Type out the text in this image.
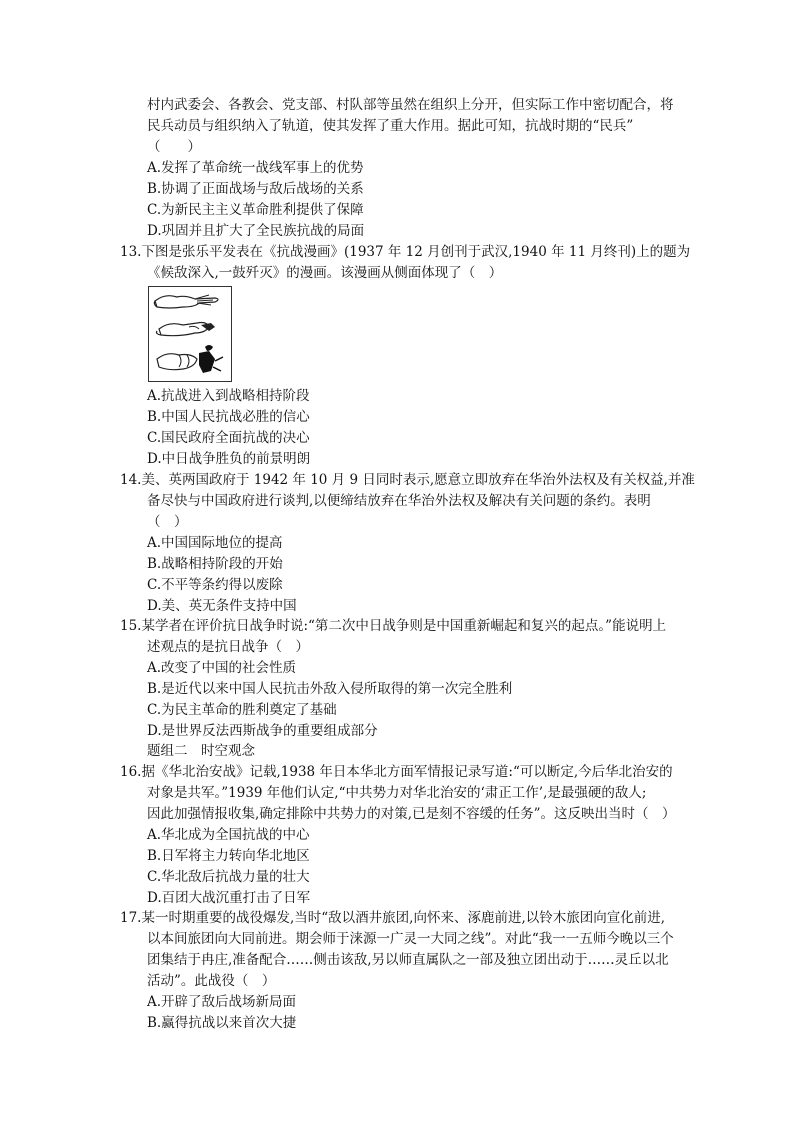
村内武委会、各教会、党支部、村队部等虽然在组织上分开，但实际工作中密切配合，将
民兵动员与组织纳入了轨道，使其发挥了重大作用。据此可知，抗战时期的“民兵”
（　　）
A.发挥了革命统一战线军事上的优势
B.协调了正面战场与敌后战场的关系
C.为新民主主义革命胜利提供了保障
D.巩固并且扩大了全民族抗战的局面
13.下图是张乐平发表在《抗战漫画》(1937 年 12 月创刊于武汉,1940 年 11 月终刊)上的题为
《候敌深入,一鼓歼灭》的漫画。该漫画从侧面体现了（　）
A.抗战进入到战略相持阶段
B.中国人民抗战必胜的信心
C.国民政府全面抗战的决心
D.中日战争胜负的前景明朗
14.美、英两国政府于 1942 年 10 月 9 日同时表示,愿意立即放弃在华治外法权及有关权益,并准
备尽快与中国政府进行谈判,以便缔结放弃在华治外法权及解决有关问题的条约。表明
（　）
A.中国国际地位的提高
B.战略相持阶段的开始
C.不平等条约得以废除
D.美、英无条件支持中国
15.某学者在评价抗日战争时说:“第二次中日战争则是中国重新崛起和复兴的起点。”能说明上
述观点的是抗日战争（　）
A.改变了中国的社会性质
B.是近代以来中国人民抗击外敌入侵所取得的第一次完全胜利
C.为民主革命的胜利奠定了基础
D.是世界反法西斯战争的重要组成部分
题组二　时空观念
16.据《华北治安战》记载,1938 年日本华北方面军情报记录写道:“可以断定,今后华北治安的
对象是共军。”1939 年他们认定,“中共势力对华北治安的‘肃正工作’,是最强硬的敌人;
因此加强情报收集,确定排除中共势力的对策,已是刻不容缓的任务”。这反映出当时（　）
A.华北成为全国抗战的中心
B.日军将主力转向华北地区
C.华北敌后抗战力量的壮大
D.百团大战沉重打击了日军
17.某一时期重要的战役爆发,当时“敌以酒井旅团,向怀来、涿鹿前进,以铃木旅团向宣化前进,
以本间旅团向大同前进。期会师于涞源一广灵一大同之线”。对此“我一一五师今晚以三个
团集结于冉庄,准备配合……侧击该敌,另以师直属队之一部及独立团出动于……灵丘以北
活动”。此战役（　）
A.开辟了敌后战场新局面
B.赢得抗战以来首次大捷
